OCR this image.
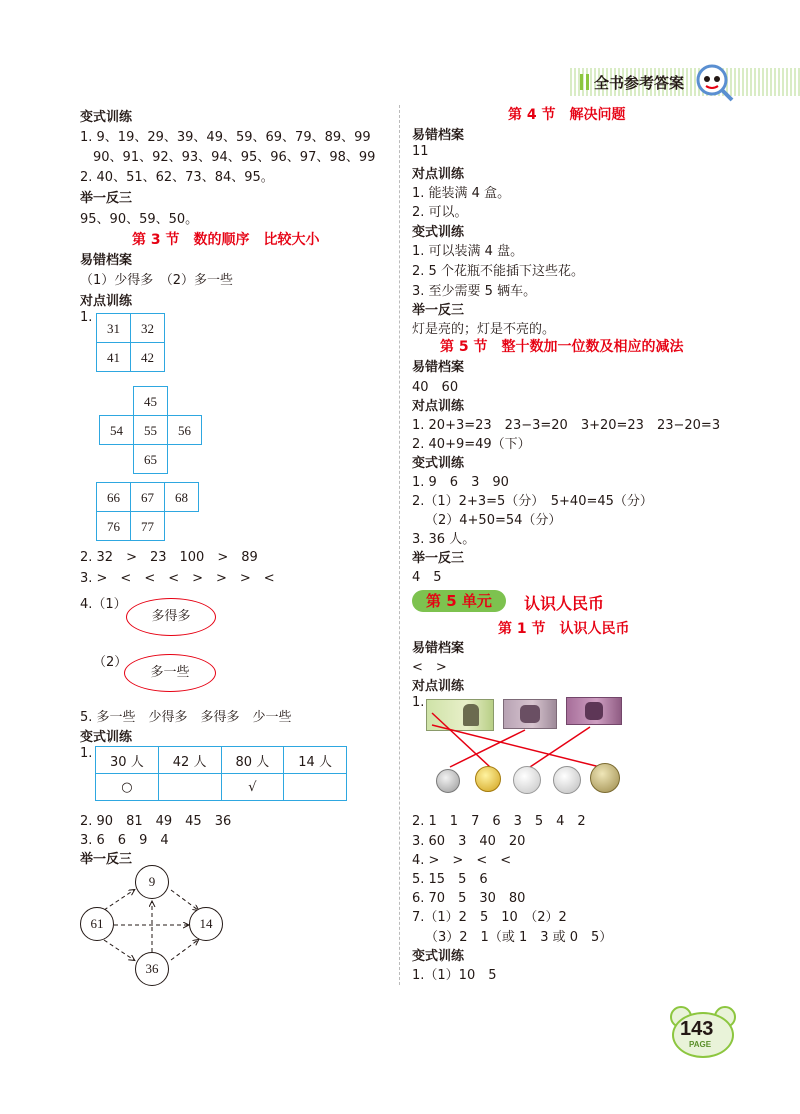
全书参考答案
变式训练
1. 9、19、29、39、49、59、69、79、89、99
90、91、92、93、94、95、96、97、98、99
2. 40、51、62、73、84、95。
举一反三
95、90、59、50。
第 3 节　数的顺序　比较大小
易错档案
（1）少得多　（2）多一些
对点训练
1.
31	32
41	42
45
54	55	56
65
66	67	68
76	77
2. 32　>　23　100　>　89
3. >　<　<　<　>　>　>　<
4.（1）
多得多
（2）
多一些
5. 多一些　少得多　多得多　少一些
变式训练
1.
30 人	42 人	80 人	14 人
○		√	
2. 90　81　49　45　36
3. 6　6　9　4
举一反三
9
61	14
36
第 4 节　解决问题
易错档案
11
对点训练
1. 能装满 4 盒。
2. 可以。
变式训练
1. 可以装满 4 盘。
2. 5 个花瓶不能插下这些花。
3. 至少需要 5 辆车。
举一反三
灯是亮的；灯是不亮的。
第 5 节　整十数加一位数及相应的减法
易错档案
40　60
对点训练
1. 20+3=23　23−3=20　3+20=23　23−20=3
2. 40+9=49（下）
变式训练
1. 9　6　3　90
2.（1）2+3=5（分）　5+40=45（分）
（2）4+50=54（分）
3. 36 人。
举一反三
4　5
第 5 单元	认识人民币
第 1 节　认识人民币
易错档案
<　>
对点训练
1.
2. 1　1　7　6　3　5　4　2
3. 60　3　40　20
4. >　>　<　<
5. 15　5　6
6. 70　5　30　80
7.（1）2　5　10　（2）2
（3）2　1（或 1　3 或 0　5）
变式训练
1.（1）10　5
143
PAGE
